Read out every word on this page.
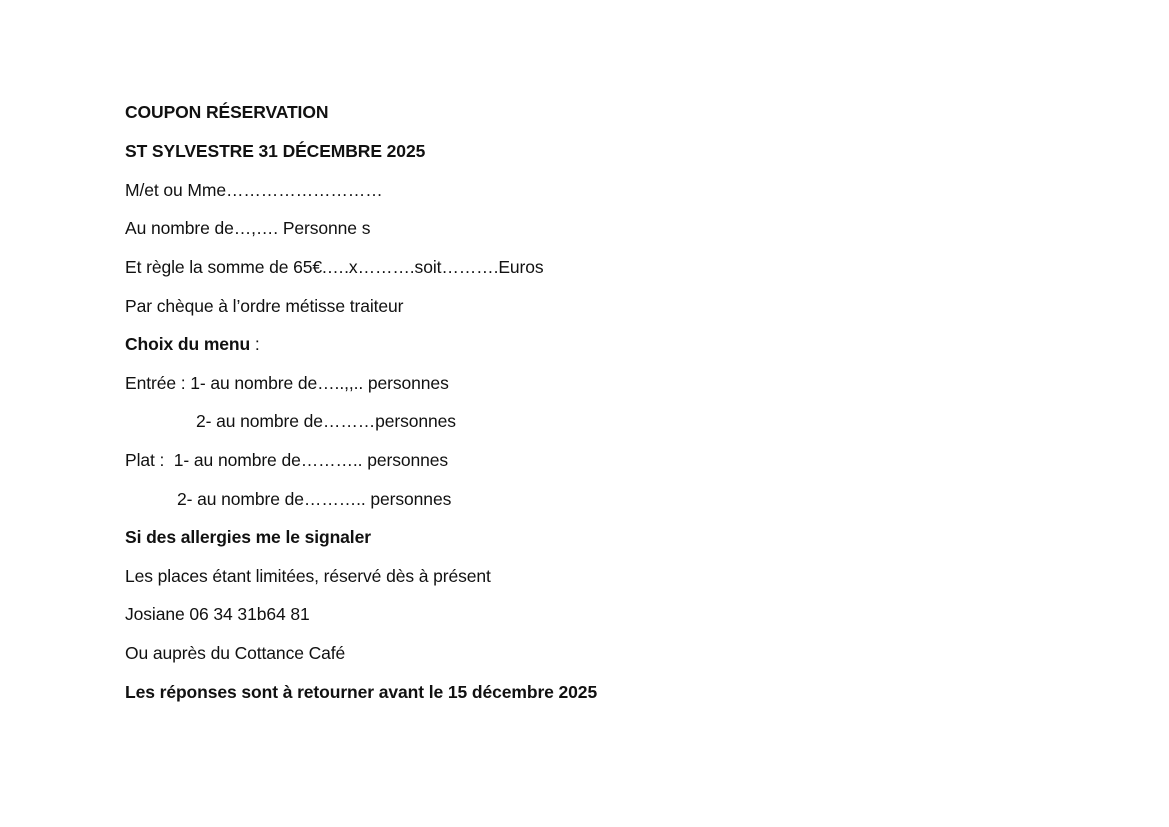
COUPON RÉSERVATION
ST SYLVESTRE 31 DÉCEMBRE 2025
M/et ou Mme………………………
Au nombre de…,…. Personne s
Et règle la somme de 65€.….x……….soit……….Euros
Par chèque à l’ordre métisse traiteur
Choix du menu :
Entrée : 1- au nombre de…..,,.. personnes
2- au nombre de………personnes
Plat :  1- au nombre de……….. personnes
2- au nombre de……….. personnes
Si des allergies me le signaler
Les places étant limitées, réservé dès à présent
Josiane 06 34 31b64 81
Ou auprès du Cottance Café
Les réponses sont à retourner avant le 15 décembre 2025
